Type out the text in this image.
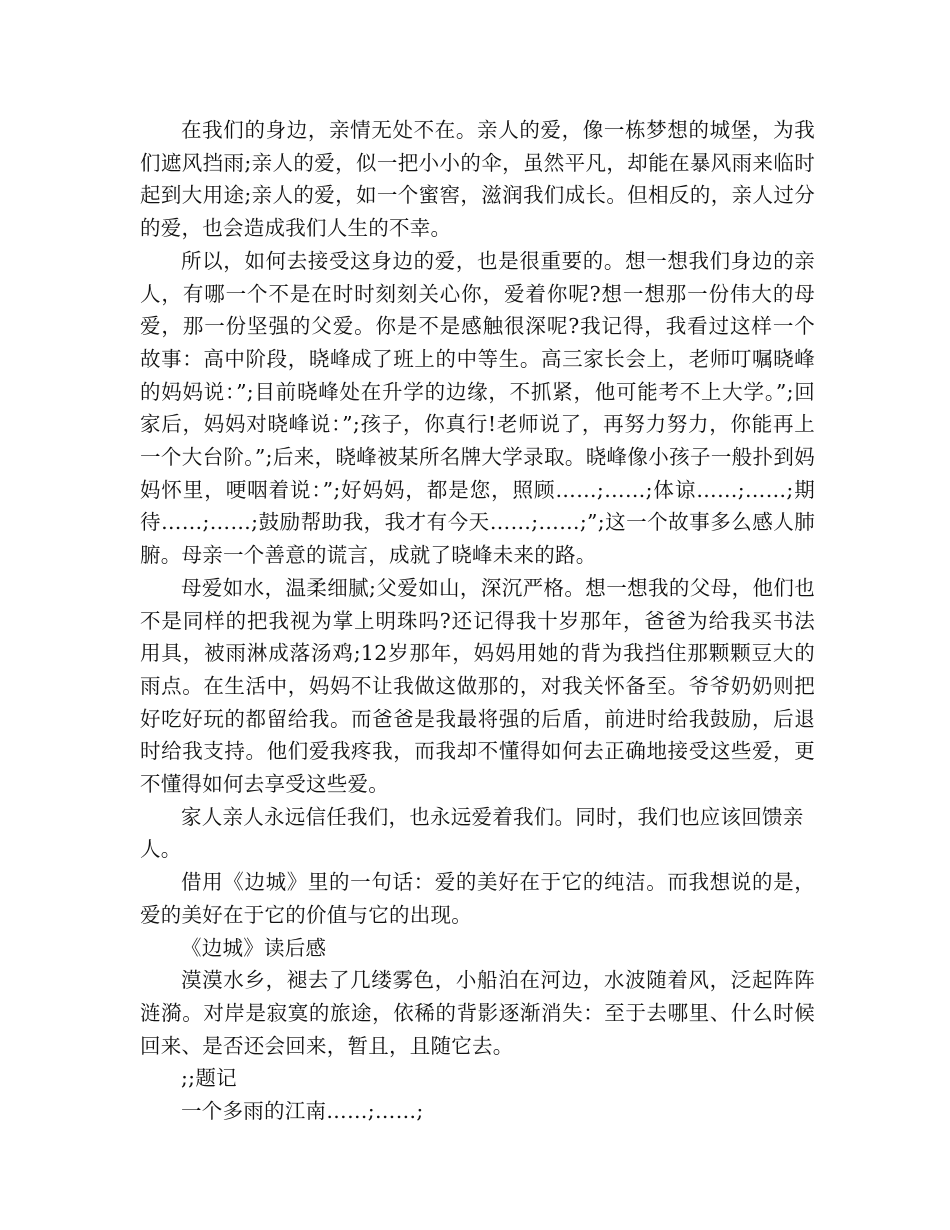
在我们的身边，亲情无处不在。亲人的爱，像一栋梦想的城堡，为我们遮风挡雨;亲人的爱，似一把小小的伞，虽然平凡，却能在暴风雨来临时起到大用途;亲人的爱，如一个蜜窖，滋润我们成长。但相反的，亲人过分的爱，也会造成我们人生的不幸。

所以，如何去接受这身边的爱，也是很重要的。想一想我们身边的亲人，有哪一个不是在时时刻刻关心你，爱着你呢?想一想那一份伟大的母爱，那一份坚强的父爱。你是不是感触很深呢?我记得，我看过这样一个故事：高中阶段，晓峰成了班上的中等生。高三家长会上，老师叮嘱晓峰的妈妈说：”;目前晓峰处在升学的边缘，不抓紧，他可能考不上大学。”;回家后，妈妈对晓峰说：”;孩子，你真行!老师说了，再努力努力，你能再上一个大台阶。”;后来，晓峰被某所名牌大学录取。晓峰像小孩子一般扑到妈妈怀里，哽咽着说：”;好妈妈，都是您，照顾……;……;体谅……;……;期待……;……;鼓励帮助我，我才有今天……;……;”;这一个故事多么感人肺腑。母亲一个善意的谎言，成就了晓峰未来的路。

母爱如水，温柔细腻;父爱如山，深沉严格。想一想我的父母，他们也不是同样的把我视为掌上明珠吗?还记得我十岁那年，爸爸为给我买书法用具，被雨淋成落汤鸡;12岁那年，妈妈用她的背为我挡住那颗颗豆大的雨点。在生活中，妈妈不让我做这做那的，对我关怀备至。爷爷奶奶则把好吃好玩的都留给我。而爸爸是我最将强的后盾，前进时给我鼓励，后退时给我支持。他们爱我疼我，而我却不懂得如何去正确地接受这些爱，更不懂得如何去享受这些爱。

家人亲人永远信任我们，也永远爱着我们。同时，我们也应该回馈亲人。

借用《边城》里的一句话：爱的美好在于它的纯洁。而我想说的是，爱的美好在于它的价值与它的出现。

《边城》读后感

漠漠水乡，褪去了几缕雾色，小船泊在河边，水波随着风，泛起阵阵涟漪。对岸是寂寞的旅途，依稀的背影逐渐消失：至于去哪里、什么时候回来、是否还会回来，暂且，且随它去。

;;题记

一个多雨的江南……;……;
